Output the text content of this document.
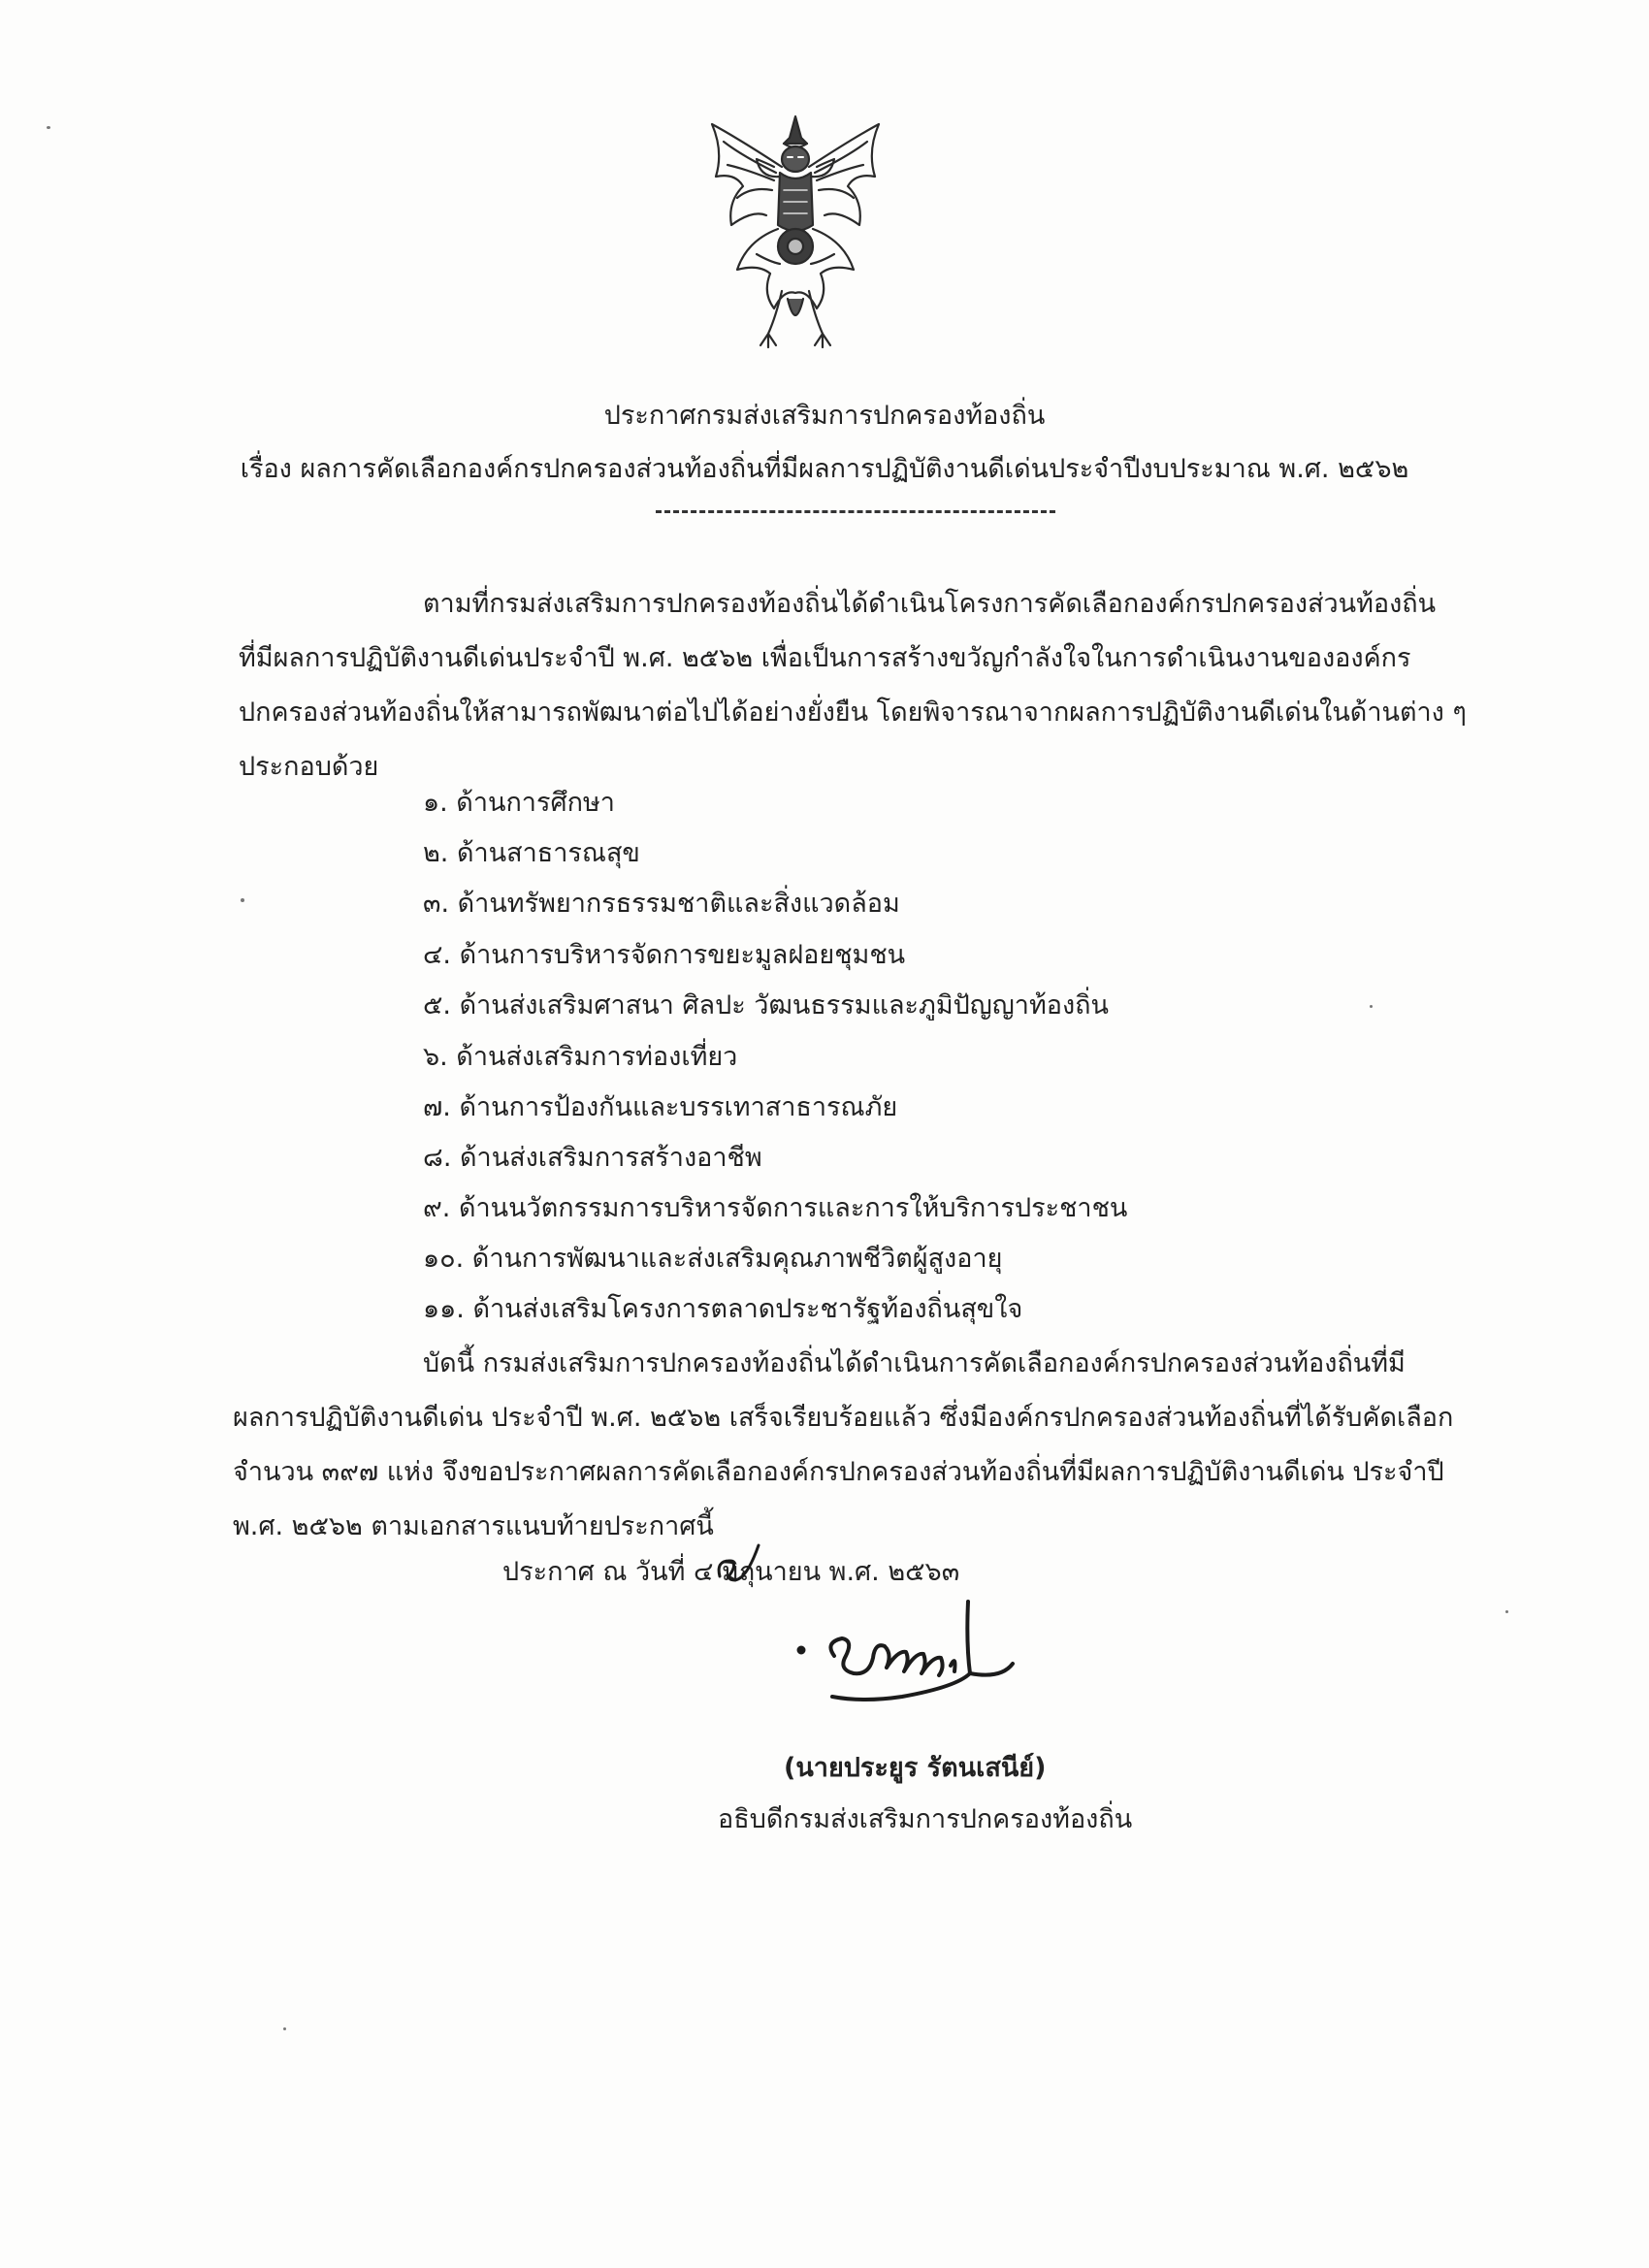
ประกาศกรมส่งเสริมการปกครองท้องถิ่น
เรื่อง ผลการคัดเลือกองค์กรปกครองส่วนท้องถิ่นที่มีผลการปฏิบัติงานดีเด่นประจำปีงบประมาณ พ.ศ. ๒๕๖๒
ตามที่กรมส่งเสริมการปกครองท้องถิ่นได้ดำเนินโครงการคัดเลือกองค์กรปกครองส่วนท้องถิ่น
ที่มีผลการปฏิบัติงานดีเด่นประจำปี พ.ศ. ๒๕๖๒ เพื่อเป็นการสร้างขวัญกำลังใจในการดำเนินงานขององค์กร
ปกครองส่วนท้องถิ่นให้สามารถพัฒนาต่อไปได้อย่างยั่งยืน โดยพิจารณาจากผลการปฏิบัติงานดีเด่นในด้านต่าง ๆ
ประกอบด้วย
๑. ด้านการศึกษา
๒. ด้านสาธารณสุข
๓. ด้านทรัพยากรธรรมชาติและสิ่งแวดล้อม
๔. ด้านการบริหารจัดการขยะมูลฝอยชุมชน
๕. ด้านส่งเสริมศาสนา ศิลปะ วัฒนธรรมและภูมิปัญญาท้องถิ่น
๖. ด้านส่งเสริมการท่องเที่ยว
๗. ด้านการป้องกันและบรรเทาสาธารณภัย
๘. ด้านส่งเสริมการสร้างอาชีพ
๙. ด้านนวัตกรรมการบริหารจัดการและการให้บริการประชาชน
๑๐. ด้านการพัฒนาและส่งเสริมคุณภาพชีวิตผู้สูงอายุ
๑๑. ด้านส่งเสริมโครงการตลาดประชารัฐท้องถิ่นสุขใจ
บัดนี้ กรมส่งเสริมการปกครองท้องถิ่นได้ดำเนินการคัดเลือกองค์กรปกครองส่วนท้องถิ่นที่มี
ผลการปฏิบัติงานดีเด่น ประจำปี พ.ศ. ๒๕๖๒ เสร็จเรียบร้อยแล้ว ซึ่งมีองค์กรปกครองส่วนท้องถิ่นที่ได้รับคัดเลือก
จำนวน ๓๙๗ แห่ง จึงขอประกาศผลการคัดเลือกองค์กรปกครองส่วนท้องถิ่นที่มีผลการปฏิบัติงานดีเด่น ประจำปี
พ.ศ. ๒๕๖๒ ตามเอกสารแนบท้ายประกาศนี้
ประกาศ ณ วันที่ ๔ มิถุนายน พ.ศ. ๒๕๖๓
(นายประยูร รัตนเสนีย์)
อธิบดีกรมส่งเสริมการปกครองท้องถิ่น
